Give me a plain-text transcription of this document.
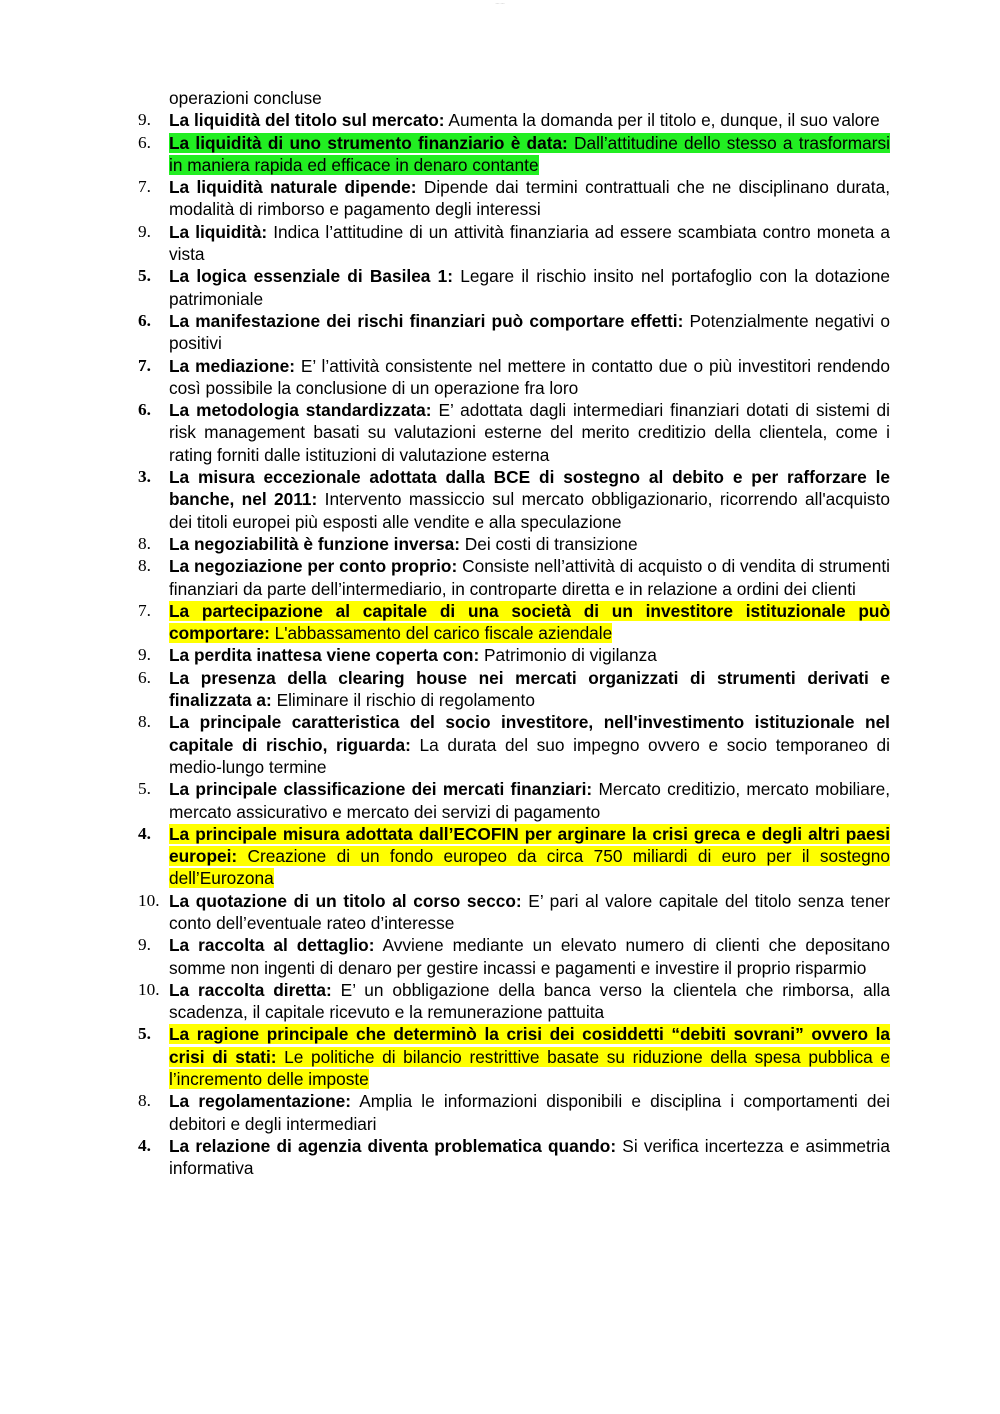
--- ---
operazioni concluse
9. La liquidità del titolo sul mercato: Aumenta la domanda per il titolo e, dunque, il suo valore
6. La liquidità di uno strumento finanziario è data: Dall’attitudine dello stesso a trasformarsi in maniera rapida ed efficace in denaro contante
7. La liquidità naturale dipende: Dipende dai termini contrattuali che ne disciplinano durata, modalità di rimborso e pagamento degli interessi
9. La liquidità: Indica l’attitudine di un attività finanziaria ad essere scambiata contro moneta a vista
5. La logica essenziale di Basilea 1: Legare il rischio insito nel portafoglio con la dotazione patrimoniale
6. La manifestazione dei rischi finanziari può comportare effetti: Potenzialmente negativi o positivi
7. La mediazione: E’ l’attività consistente nel mettere in contatto due o più investitori rendendo così possibile la conclusione di un operazione fra loro
6. La metodologia standardizzata: E’ adottata dagli intermediari finanziari dotati di sistemi di risk management basati su valutazioni esterne del merito creditizio della clientela, come i rating forniti dalle istituzioni di valutazione esterna
3. La misura eccezionale adottata dalla BCE di sostegno al debito e per rafforzare le banche, nel 2011: Intervento massiccio sul mercato obbligazionario, ricorrendo all'acquisto dei titoli europei più esposti alle vendite e alla speculazione
8. La negoziabilità è funzione inversa: Dei costi di transizione
8. La negoziazione per conto proprio: Consiste nell’attività di acquisto o di vendita di strumenti finanziari da parte dell’intermediario, in contropartе diretta e in relazione a ordini dei clienti
7. La partecipazione al capitale di una società di un investitore istituzionale può comportare: L'abbassamento del carico fiscale aziendale
9. La perdita inattesa viene coperta con: Patrimonio di vigilanza
6. La presenza della clearing house nei mercati organizzati di strumenti derivati e finalizzata a: Eliminare il rischio di regolamento
8. La principale caratteristica del socio investitore, nell'investimento istituzionale nel capitale di rischio, riguarda: La durata del suo impegno ovvero e socio temporaneo di medio-lungo termine
5. La principale classificazione dei mercati finanziari: Mercato creditizio, mercato mobiliare, mercato assicurativo e mercato dei servizi di pagamento
4. La principale misura adottata dall’ECOFIN per arginare la crisi greca e degli altri paesi europei: Creazione di un fondo europeo da circa 750 miliardi di euro per il sostegno dell’Eurozona
10. La quotazione di un titolo al corso secco: E’ pari al valore capitale del titolo senza tener conto dell’eventuale rateo d’interesse
9. La raccolta al dettaglio: Avviene mediante un elevato numero di clienti che depositano somme non ingenti di denaro per gestire incassi e pagamenti e investire il proprio risparmio
10. La raccolta diretta: E’ un obbligazione della banca verso la clientela che rimborsa, alla scadenza, il capitale ricevuto e la remunerazione pattuita
5. La ragione principale che determinò la crisi dei cosiddetti “debiti sovrani” ovvero la crisi di stati: Le politiche di bilancio restrittive basate su riduzione della spesa pubblica e l’incremento delle imposte
8. La regolamentazione: Amplia le informazioni disponibili e disciplina i comportamenti dei debitori e degli intermediari
4. La relazione di agenzia diventa problematica quando: Si verifica incertezza e asimmetria informativa
